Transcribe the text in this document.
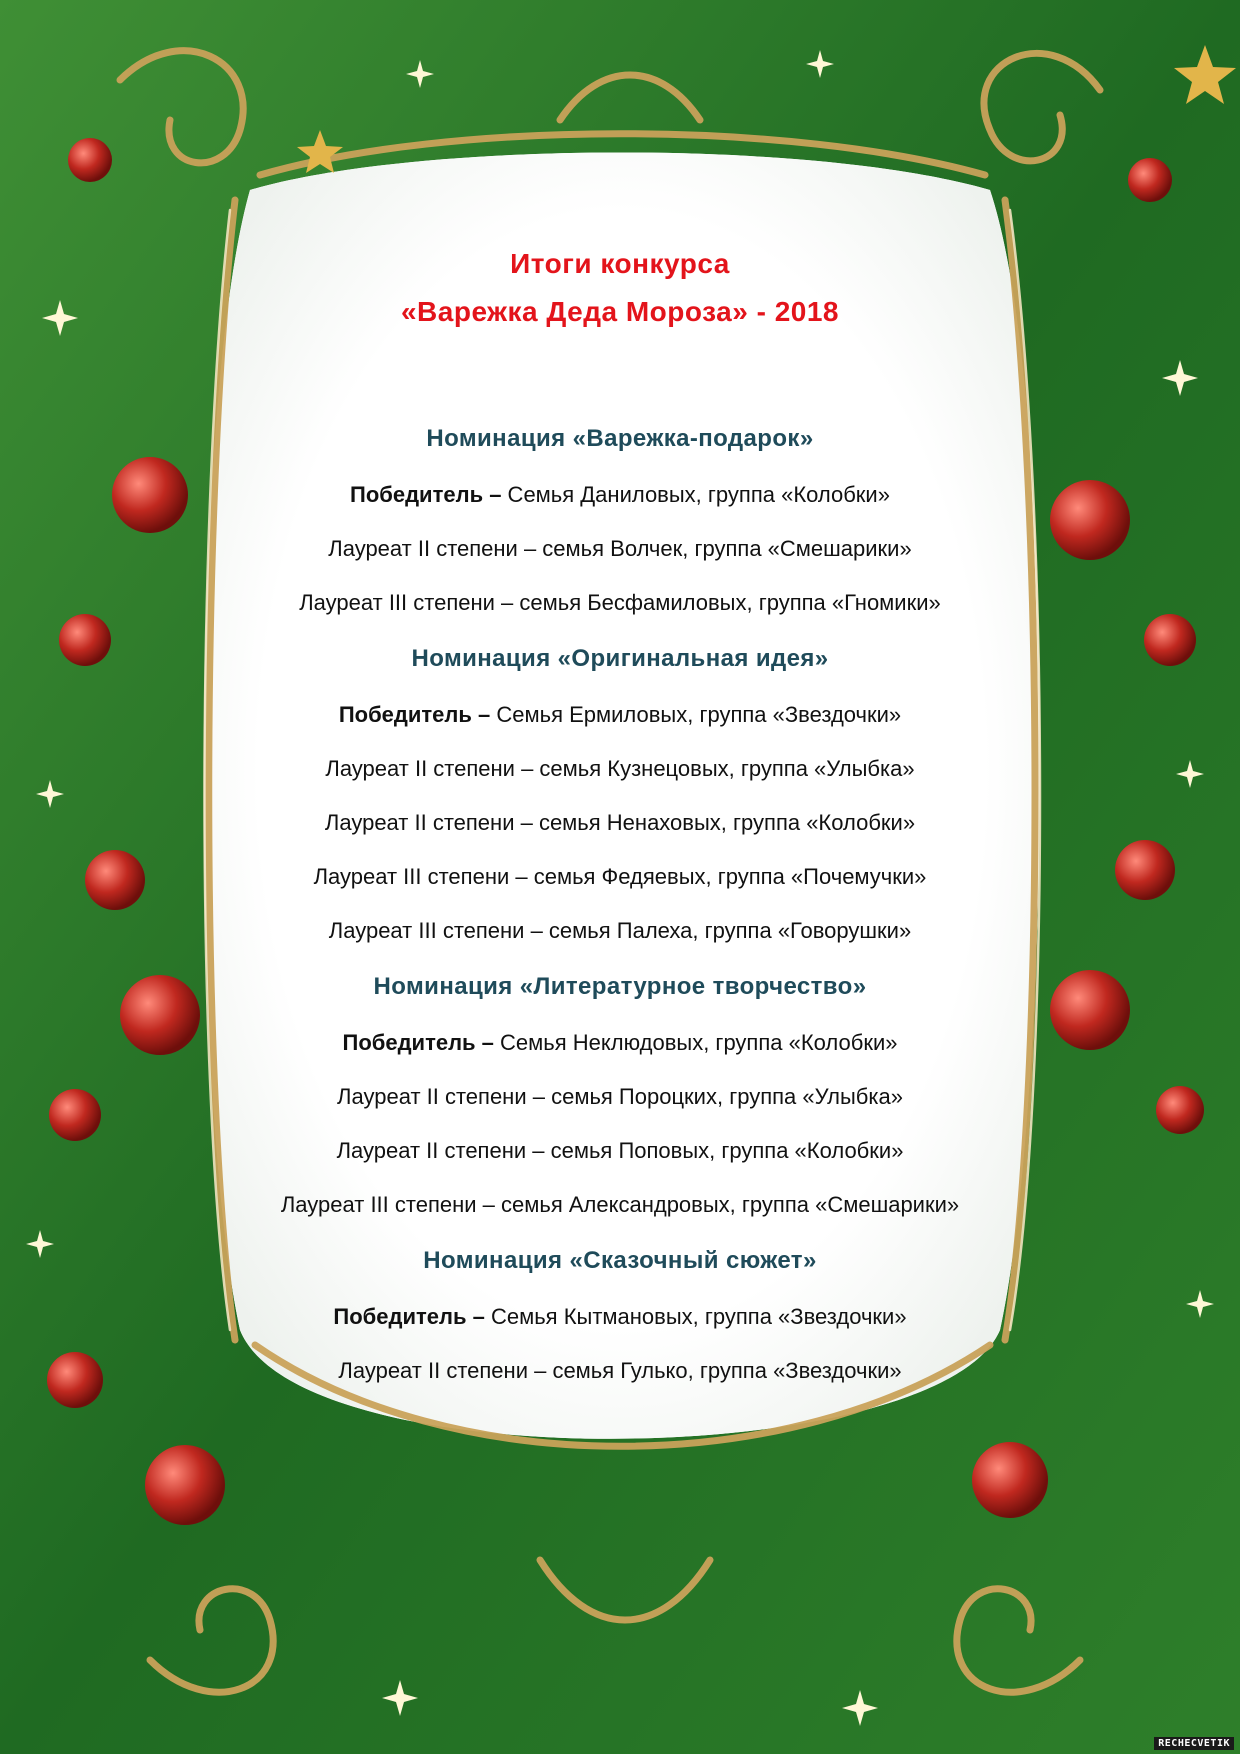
Итоги конкурса

«Варежка Деда Мороза» - 2018

Номинация «Варежка-подарок»

Победитель – Семья Даниловых, группа «Колобки»

Лауреат II степени – семья Волчек, группа «Смешарики»

Лауреат III степени – семья Бесфамиловых, группа «Гномики»

Номинация «Оригинальная идея»

Победитель – Семья Ермиловых, группа «Звездочки»

Лауреат II степени – семья Кузнецовых, группа «Улыбка»

Лауреат II степени – семья Ненаховых, группа «Колобки»

Лауреат III степени – семья Федяевых, группа «Почемучки»

Лауреат III степени – семья Палеха, группа «Говорушки»

Номинация «Литературное творчество»

Победитель – Семья Неклюдовых, группа «Колобки»

Лауреат II степени – семья Пороцких, группа «Улыбка»

Лауреат II степени – семья Поповых, группа «Колобки»

Лауреат III степени – семья Александровых, группа «Смешарики»

Номинация «Сказочный сюжет»

Победитель – Семья Кытмановых, группа «Звездочки»

Лауреат II степени – семья Гулько, группа «Звездочки»

RECHECVETIK
